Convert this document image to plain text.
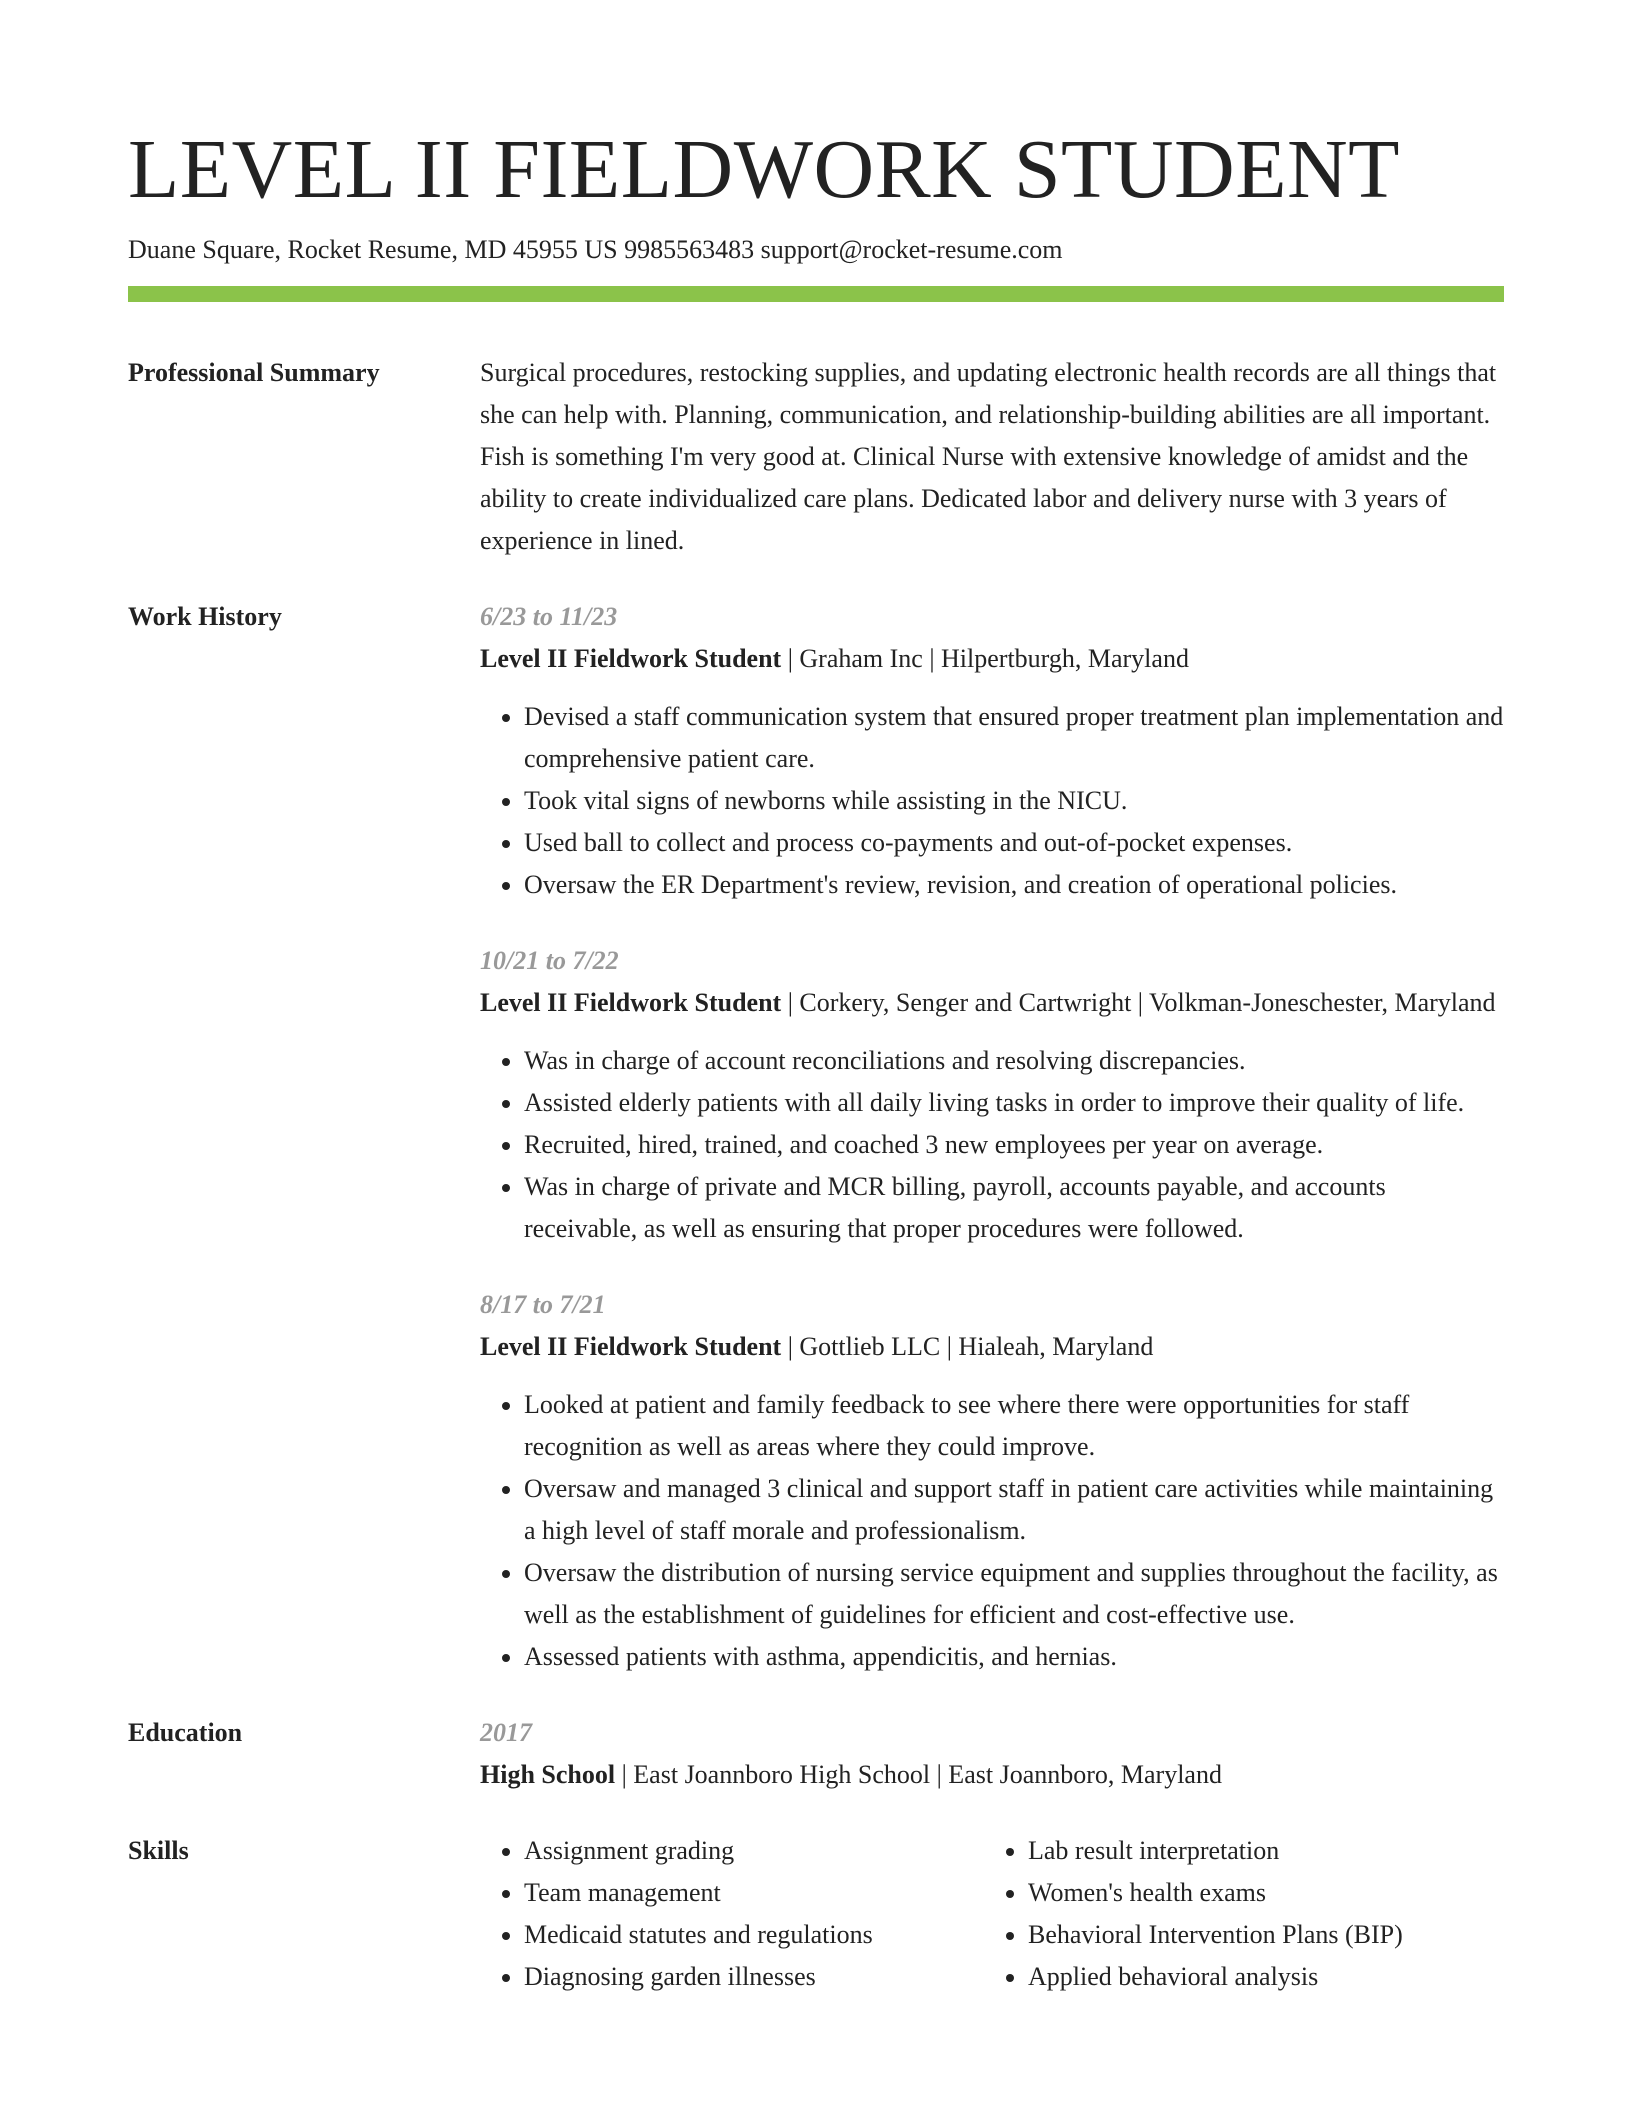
LEVEL II FIELDWORK STUDENT
Duane Square, Rocket Resume, MD 45955 US 9985563483 support@rocket-resume.com
Professional Summary	Surgical procedures, restocking supplies, and updating electronic health records are all things that she can help with. Planning, communication, and relationship-building abilities are all important. Fish is something I'm very good at. Clinical Nurse with extensive knowledge of amidst and the ability to create individualized care plans. Dedicated labor and delivery nurse with 3 years of experience in lined.

Work History	6/23 to 11/23
Level II Fieldwork Student | Graham Inc | Hilpertburgh, Maryland
• Devised a staff communication system that ensured proper treatment plan implementation and comprehensive patient care.
• Took vital signs of newborns while assisting in the NICU.
• Used ball to collect and process co-payments and out-of-pocket expenses.
• Oversaw the ER Department's review, revision, and creation of operational policies.
10/21 to 7/22
Level II Fieldwork Student | Corkery, Senger and Cartwright | Volkman-Joneschester, Maryland
• Was in charge of account reconciliations and resolving discrepancies.
• Assisted elderly patients with all daily living tasks in order to improve their quality of life.
• Recruited, hired, trained, and coached 3 new employees per year on average.
• Was in charge of private and MCR billing, payroll, accounts payable, and accounts receivable, as well as ensuring that proper procedures were followed.
8/17 to 7/21
Level II Fieldwork Student | Gottlieb LLC | Hialeah, Maryland
• Looked at patient and family feedback to see where there were opportunities for staff recognition as well as areas where they could improve.
• Oversaw and managed 3 clinical and support staff in patient care activities while maintaining a high level of staff morale and professionalism.
• Oversaw the distribution of nursing service equipment and supplies throughout the facility, as well as the establishment of guidelines for efficient and cost-effective use.
• Assessed patients with asthma, appendicitis, and hernias.
Education	2017
High School | East Joannboro High School | East Joannboro, Maryland
Skills
•	Assignment grading
• Team management
• Medicaid statutes and regulations
• Diagnosing garden illnesses
• Lab result interpretation
• Women's health exams
• Behavioral Intervention Plans (BIP)
• Applied behavioral analysis
